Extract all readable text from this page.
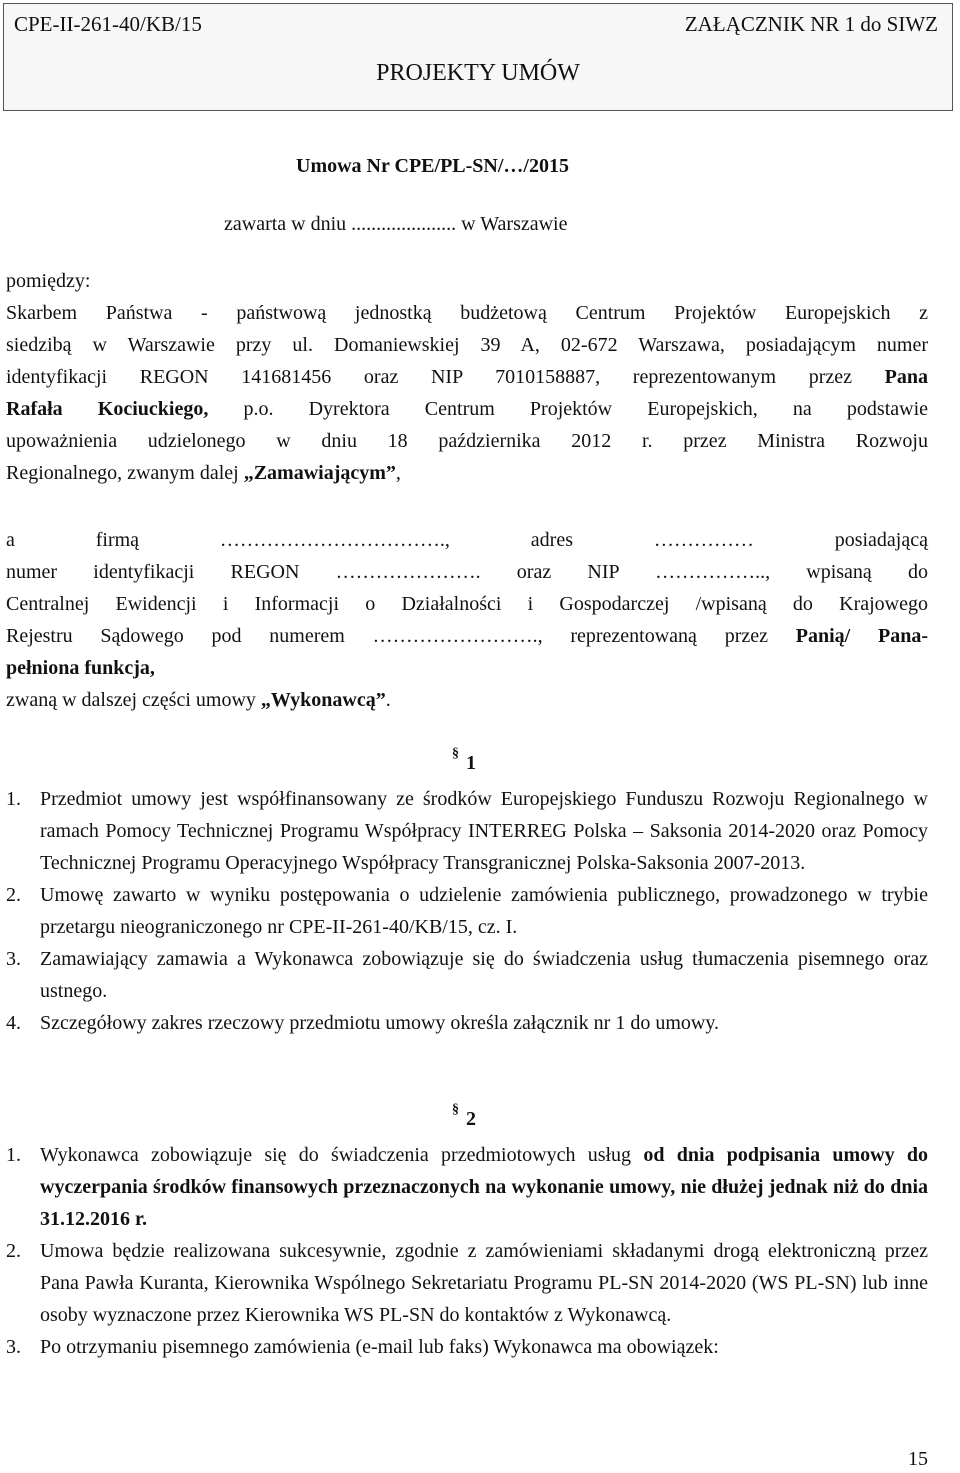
CPE-II-261-40/KB/15	ZAŁĄCZNIK NR 1 do SIWZ
PROJEKTY UMÓW
Umowa Nr CPE/PL-SN/…/2015
zawarta w dniu ..................... w Warszawie
pomiędzy:
Skarbem Państwa - państwową jednostką budżetową Centrum Projektów Europejskich z
siedzibą w Warszawie przy ul. Domaniewskiej 39 A, 02-672 Warszawa, posiadającym numer
identyfikacji REGON 141681456 oraz NIP 7010158887, reprezentowanym przez Pana
Rafała Kociuckiego, p.o. Dyrektora Centrum Projektów Europejskich, na podstawie
upoważnienia udzielonego w dniu 18 października 2012 r. przez Ministra Rozwoju
Regionalnego, zwanym dalej „Zamawiającym”,
a firmą ……………………………., adres …………… posiadającą
numer identyfikacji REGON …………………. oraz NIP …………….., wpisaną do
Centralnej Ewidencji i Informacji o Działalności i Gospodarczej /wpisaną do Krajowego
Rejestru Sądowego pod numerem ……………………., reprezentowaną przez Panią/ Pana-
pełniona funkcja,
zwaną w dalszej części umowy „Wykonawcą”.
§ 1
1. Przedmiot umowy jest współfinansowany ze środków Europejskiego Funduszu Rozwoju Regionalnego w ramach Pomocy Technicznej Programu Współpracy INTERREG Polska – Saksonia 2014-2020 oraz Pomocy Technicznej Programu Operacyjnego Współpracy Transgranicznej Polska-Saksonia 2007-2013.
2. Umowę zawarto w wyniku postępowania o udzielenie zamówienia publicznego, prowadzonego w trybie przetargu nieograniczonego nr CPE-II-261-40/KB/15, cz. I.
3. Zamawiający zamawia a Wykonawca zobowiązuje się do świadczenia usług tłumaczenia pisemnego oraz ustnego.
4. Szczegółowy zakres rzeczowy przedmiotu umowy określa załącznik nr 1 do umowy.
§ 2
1. Wykonawca zobowiązuje się do świadczenia przedmiotowych usług od dnia podpisania umowy do wyczerpania środków finansowych przeznaczonych na wykonanie umowy, nie dłużej jednak niż do dnia 31.12.2016 r.
2. Umowa będzie realizowana sukcesywnie, zgodnie z zamówieniami składanymi drogą elektroniczną przez Pana Pawła Kuranta, Kierownika Wspólnego Sekretariatu Programu PL-SN 2014-2020 (WS PL-SN) lub inne osoby wyznaczone przez Kierownika WS PL-SN do kontaktów z Wykonawcą.
3. Po otrzymaniu pisemnego zamówienia (e-mail lub faks) Wykonawca ma obowiązek:
15
